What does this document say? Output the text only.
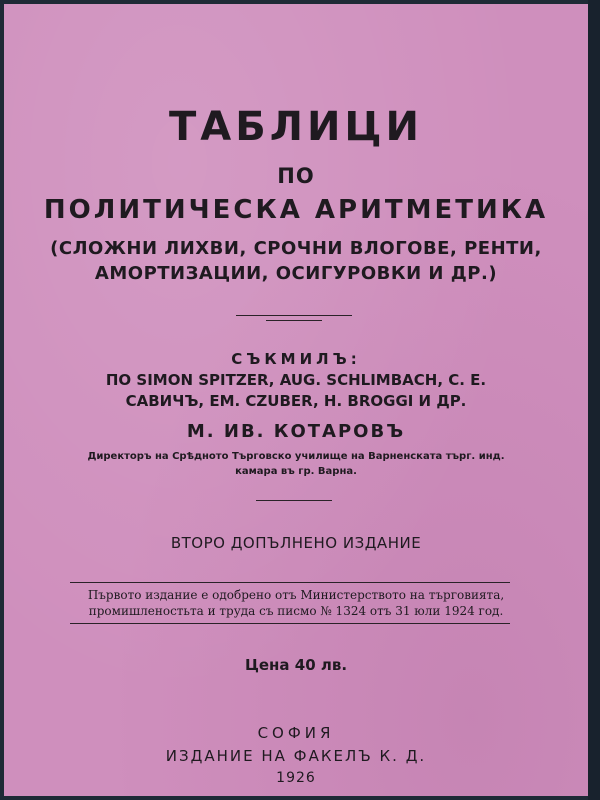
ТАБЛИЦИ
ПО
ПОЛИТИЧЕСКА АРИТМЕТИКА
(СЛОЖНИ ЛИХВИ, СРОЧНИ ВЛОГОВЕ, РЕНТИ,
АМОРТИЗАЦИИ, ОСИГУРОВКИ И ДР.)
СЪКМИЛЪ:
ПО SIMON SPITZER, AUG. SCHLIMBACH, C. E.
САВИЧЪ, EM. CZUBER, H. BROGGI И ДР.
М. ИВ. КОТАРОВЪ
Директоръ на Срѣдното Търговско училище на Варненската търг. инд.
камара въ гр. Варна.
ВТОРО ДОПЪЛНЕНО ИЗДАНИЕ
Първото издание е одобрено отъ Министерството на търговията,
промишленостьта и труда съ писмо № 1324 отъ 31 юли 1924 год.
Цена 40 лв.
СОФИЯ
ИЗДАНИЕ НА ФАКЕЛЪ К. Д.
1926
